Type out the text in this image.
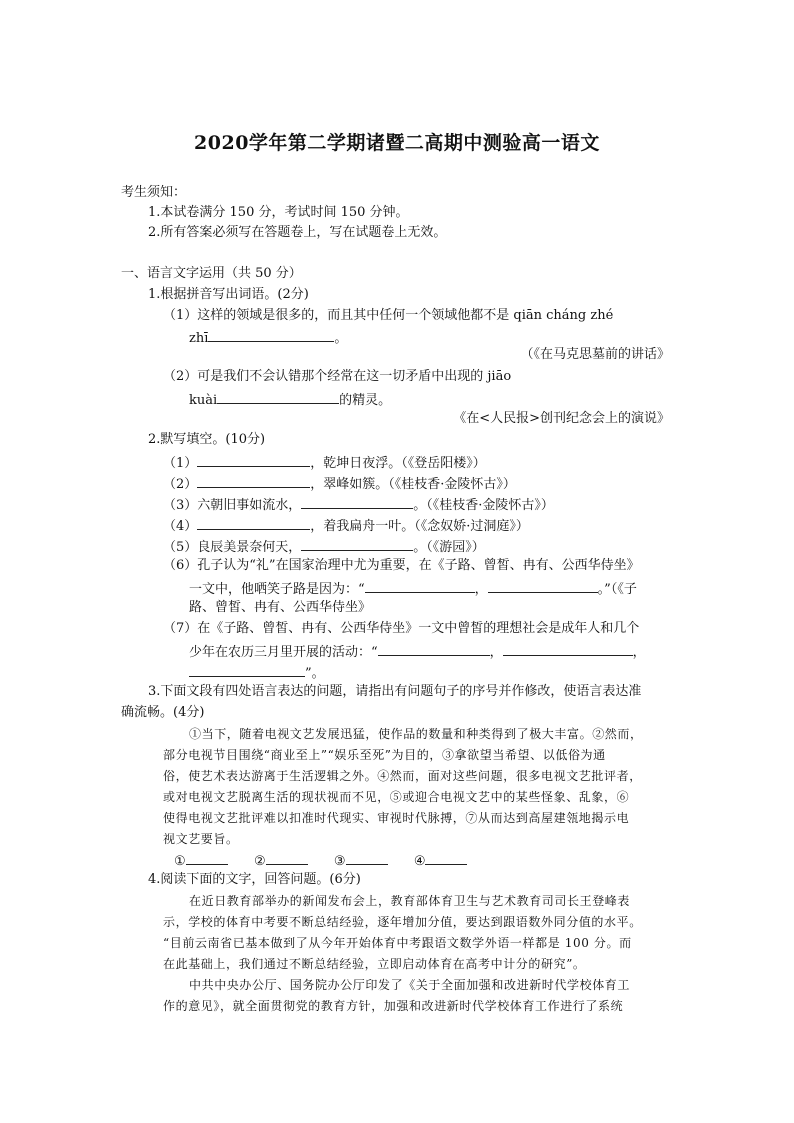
2020学年第二学期诸暨二高期中测验高一语文
考生须知：
1.本试卷满分 150 分，考试时间 150 分钟。
2.所有答案必须写在答题卷上，写在试题卷上无效。
一、语言文字运用（共 50 分）
1.根据拼音写出词语。(2分)
（1）这样的领域是很多的，而且其中任何一个领域他都不是 qiān cháng zhé
zhī	。
（《在马克思墓前的讲话》
（2）可是我们不会认错那个经常在这一切矛盾中出现的 jiāo
kuài	的精灵。
《在<人民报>创刊纪念会上的演说》
2.默写填空。(10分)
（1）	，乾坤日夜浮。（《登岳阳楼》）
（2）	，翠峰如簇。（《桂枝香·金陵怀古》）
（3）六朝旧事如流水，	。（《桂枝香·金陵怀古》）
（4）	，着我扁舟一叶。（《念奴娇·过洞庭》）
（5）良辰美景奈何天，	。（《游园》）
（6）孔子认为“礼”在国家治理中尤为重要，在《子路、曾皙、冉有、公西华侍坐》
一文中，他哂笑子路是因为：“	，	。”（《子
路、曾皙、冉有、公西华侍坐》
（7）在《子路、曾皙、冉有、公西华侍坐》一文中曾皙的理想社会是成年人和几个
少年在农历三月里开展的活动：“	，	，
”。
3.下面文段有四处语言表达的问题，请指出有问题句子的序号并作修改，使语言表达准
确流畅。(4分)
①当下，随着电视文艺发展迅猛，使作品的数量和种类得到了极大丰富。②然而，
部分电视节目围绕“商业至上”“娱乐至死”为目的，③拿欲望当希望、以低俗为通
俗，使艺术表达游离于生活逻辑之外。④然而，面对这些问题，很多电视文艺批评者，
或对电视文艺脱离生活的现状视而不见，⑤或迎合电视文艺中的某些怪象、乱象，⑥
使得电视文艺批评难以扣准时代现实、审视时代脉搏，⑦从而达到高屋建瓴地揭示电
视文艺要旨。
①	②	③	④
4.阅读下面的文字，回答问题。(6分)
在近日教育部举办的新闻发布会上，教育部体育卫生与艺术教育司司长王登峰表
示，学校的体育中考要不断总结经验，逐年增加分值，要达到跟语数外同分值的水平。
“目前云南省已基本做到了从今年开始体育中考跟语文数学外语一样都是 100 分。而
在此基础上，我们通过不断总结经验，立即启动体育在高考中计分的研究”。
中共中央办公厅、国务院办公厅印发了《关于全面加强和改进新时代学校体育工
作的意见》，就全面贯彻党的教育方针，加强和改进新时代学校体育工作进行了系统
